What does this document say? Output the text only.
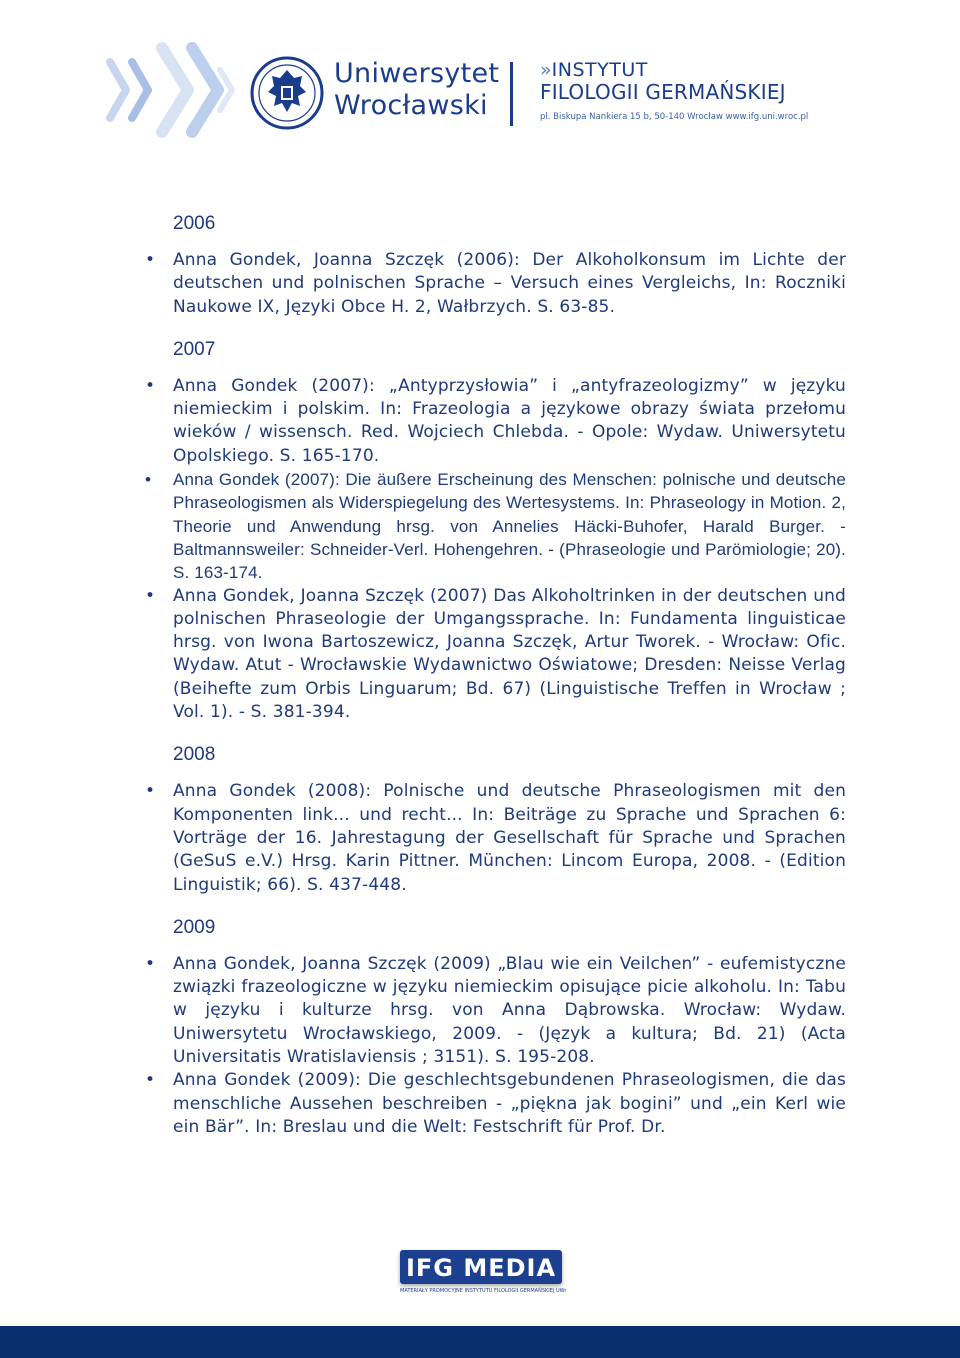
Uniwersytet
Wrocławski
» INSTYTUT
FILOLOGII GERMAŃSKIEJ
pl. Biskupa Nankiera 15 b, 50-140 Wrocław www.ifg.uni.wroc.pl
2006
• Anna Gondek, Joanna Szczęk (2006): Der Alkoholkonsum im Lichte der deutschen und polnischen Sprache – Versuch eines Vergleichs, In: Roczniki Naukowe IX, Języki Obce H. 2, Wałbrzych. S. 63-85.
2007
• Anna Gondek (2007): „Antyprzysłowia” i „antyfrazeologizmy” w języku niemieckim i polskim. In: Frazeologia a językowe obrazy świata przełomu wieków / wissensch. Red. Wojciech Chlebda. - Opole: Wydaw. Uniwersytetu Opolskiego. S. 165-170.
• Anna Gondek (2007): Die äußere Erscheinung des Menschen: polnische und deutsche Phraseologismen als Widerspiegelung des Wertesystems. In: Phraseology in Motion. 2, Theorie und Anwendung hrsg. von Annelies Häcki-Buhofer, Harald Burger. - Baltmannsweiler: Schneider-Verl. Hohengehren. - (Phraseologie und Parömiologie; 20). S. 163-174.
• Anna Gondek, Joanna Szczęk (2007) Das Alkoholtrinken in der deutschen und polnischen Phraseologie der Umgangssprache. In: Fundamenta linguisticae hrsg. von Iwona Bartoszewicz, Joanna Szczęk, Artur Tworek. - Wrocław: Ofic. Wydaw. Atut - Wrocławskie Wydawnictwo Oświatowe; Dresden: Neisse Verlag (Beihefte zum Orbis Linguarum; Bd. 67) (Linguistische Treffen in Wrocław ; Vol. 1). - S. 381-394.
2008
• Anna Gondek (2008): Polnische und deutsche Phraseologismen mit den Komponenten link... und recht... In: Beiträge zu Sprache und Sprachen 6: Vorträge der 16. Jahrestagung der Gesellschaft für Sprache und Sprachen (GeSuS e.V.) Hrsg. Karin Pittner. München: Lincom Europa, 2008. - (Edition Linguistik; 66). S. 437-448.
2009
• Anna Gondek, Joanna Szczęk (2009) „Blau wie ein Veilchen” - eufemistyczne związki frazeologiczne w języku niemieckim opisujące picie alkoholu. In: Tabu w języku i kulturze hrsg. von Anna Dąbrowska. Wrocław: Wydaw. Uniwersytetu Wrocławskiego, 2009. - (Język a kultura; Bd. 21) (Acta Universitatis Wratislaviensis ; 3151). S. 195-208.
• Anna Gondek (2009): Die geschlechtsgebundenen Phraseologismen, die das menschliche Aussehen beschreiben - „piękna jak bogini” und „ein Kerl wie ein Bär”. In: Breslau und die Welt: Festschrift für Prof. Dr.
IFG MEDIA
MATERIAŁY PROMOCYJNE INSTYTUTU FILOLOGII GERMAŃSKIEJ UWr
